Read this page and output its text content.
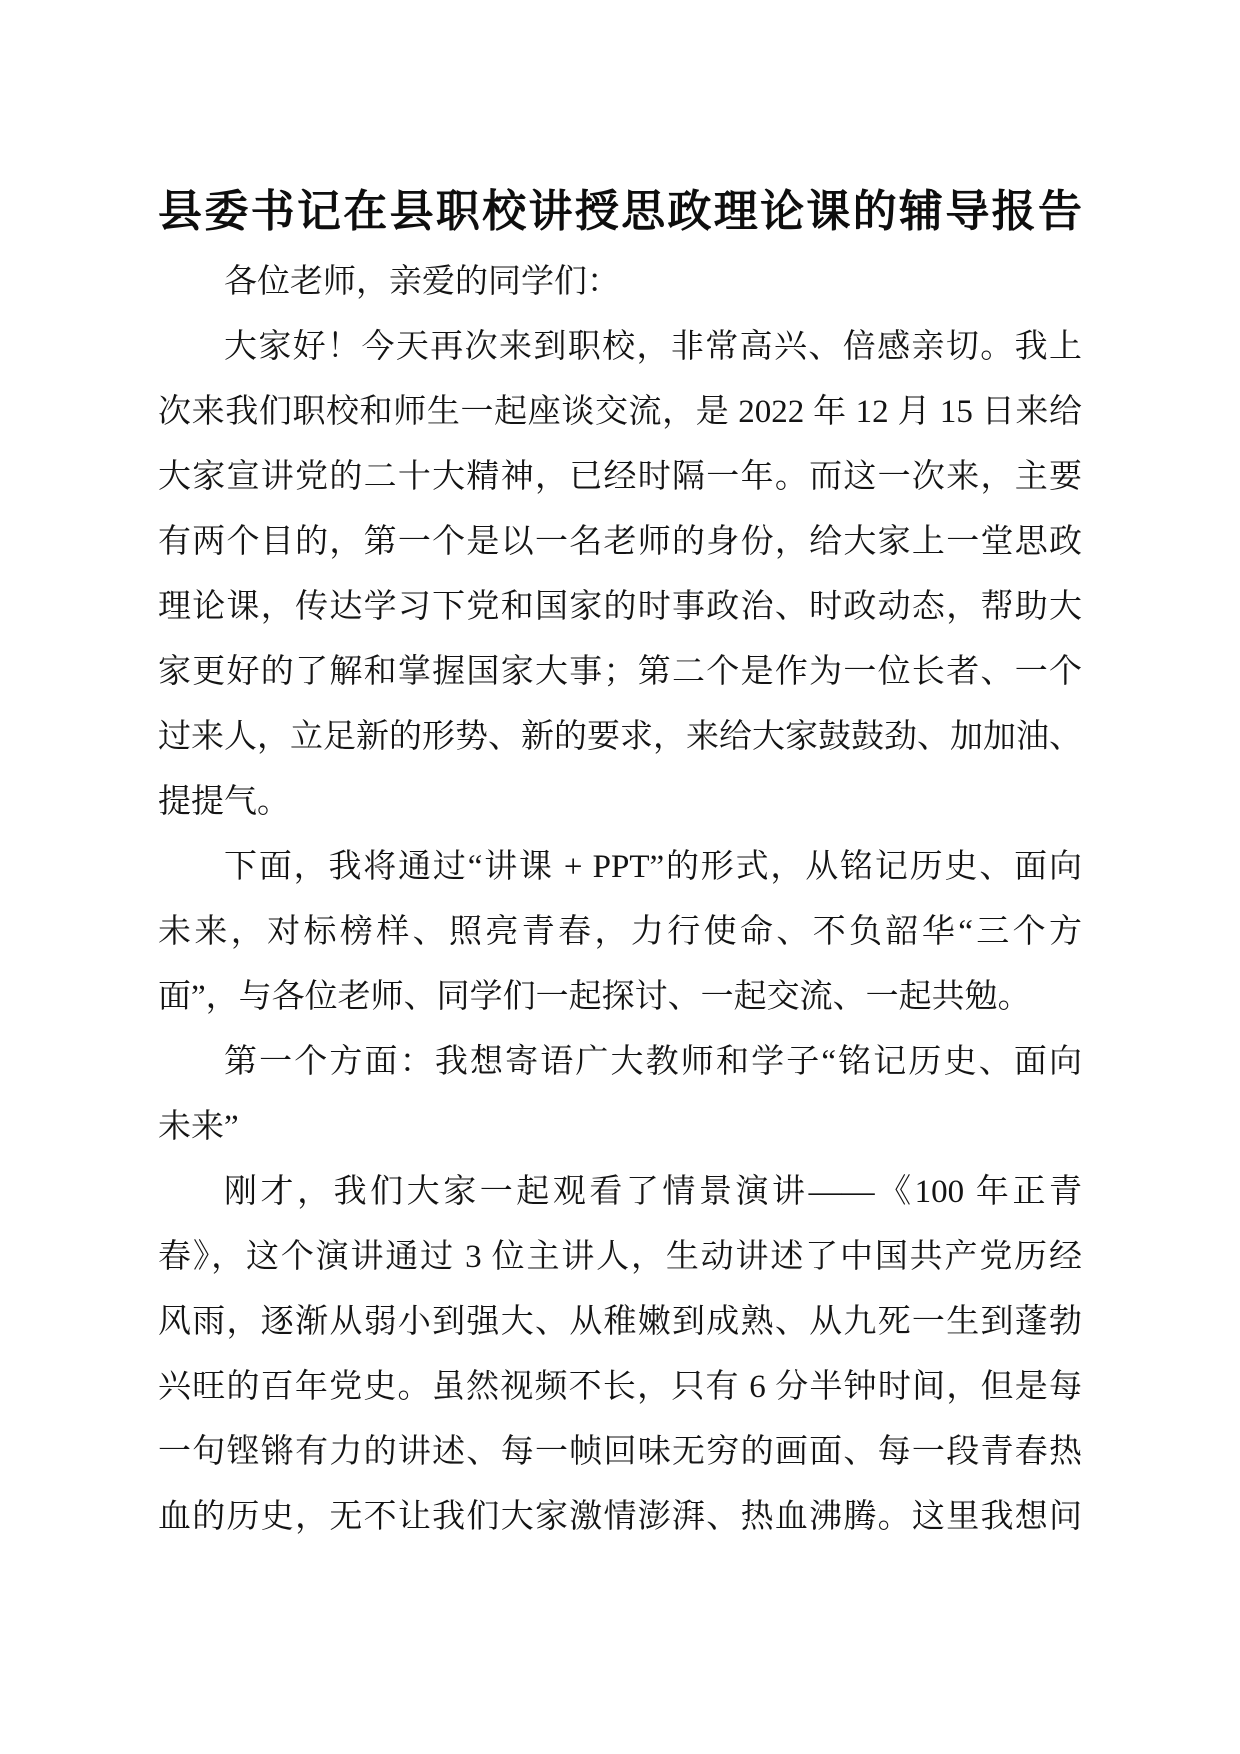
县委书记在县职校讲授思政理论课的辅导报告
各位老师，亲爱的同学们：
大家好！今天再次来到职校，非常高兴、倍感亲切。我上
次来我们职校和师生一起座谈交流，是 2022 年 12 月 15 日来给
大家宣讲党的二十大精神，已经时隔一年。而这一次来，主要
有两个目的，第一个是以一名老师的身份，给大家上一堂思政
理论课，传达学习下党和国家的时事政治、时政动态，帮助大
家更好的了解和掌握国家大事；第二个是作为一位长者、一个
过来人，立足新的形势、新的要求，来给大家鼓鼓劲、加加油、
提提气。
下面，我将通过“讲课 + PPT”的形式，从铭记历史、面向
未来，对标榜样、照亮青春，力行使命、不负韶华“三个方
面”，与各位老师、同学们一起探讨、一起交流、一起共勉。
第一个方面：我想寄语广大教师和学子“铭记历史、面向
未来”
刚才，我们大家一起观看了情景演讲——《100 年正青
春》，这个演讲通过 3 位主讲人，生动讲述了中国共产党历经
风雨，逐渐从弱小到强大、从稚嫩到成熟、从九死一生到蓬勃
兴旺的百年党史。虽然视频不长，只有 6 分半钟时间，但是每
一句铿锵有力的讲述、每一帧回味无穷的画面、每一段青春热
血的历史，无不让我们大家激情澎湃、热血沸腾。这里我想问
